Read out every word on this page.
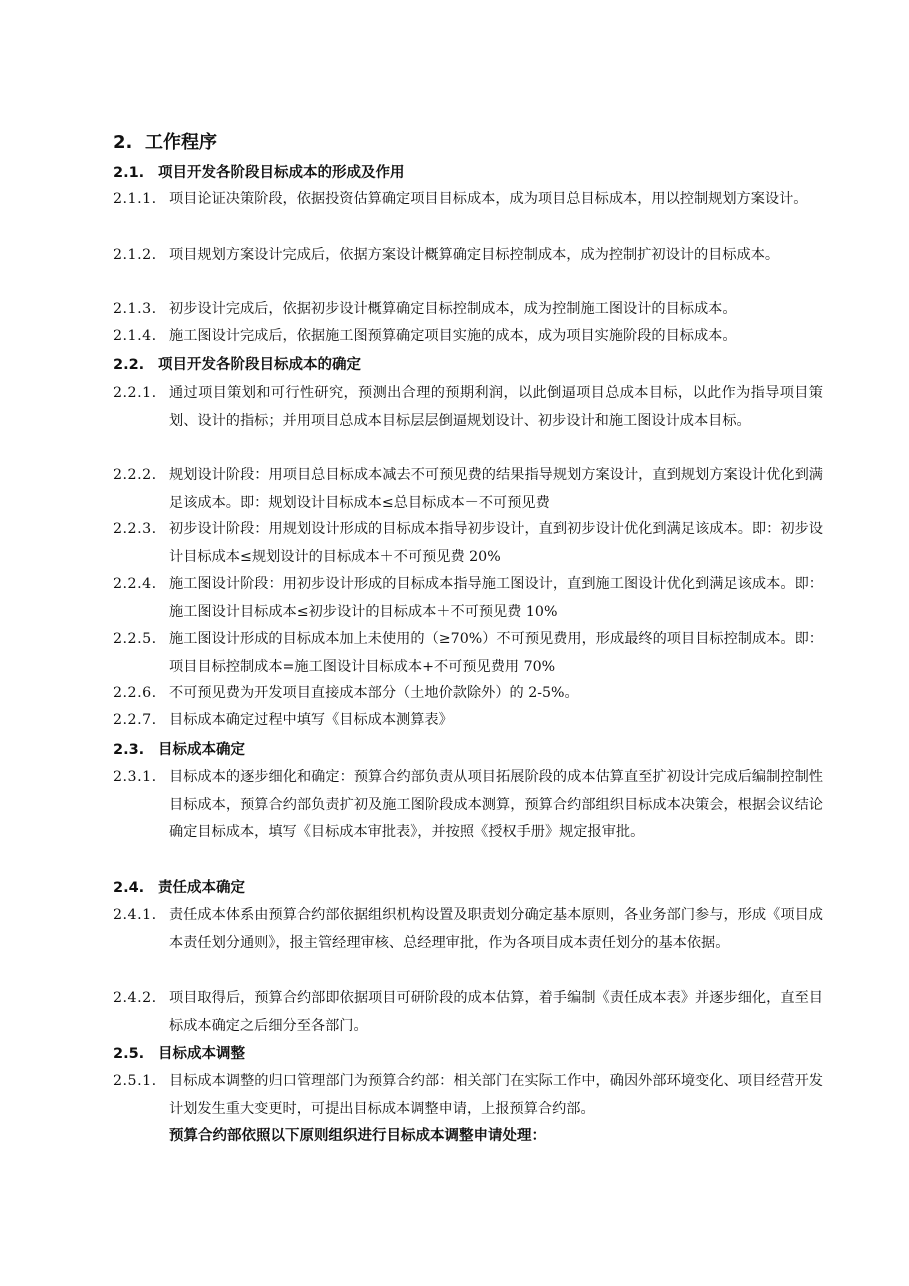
2. 工作程序
2.1. 项目开发各阶段目标成本的形成及作用
2.1.1. 项目论证决策阶段，依据投资估算确定项目目标成本，成为项目总目标成本，用以控制规划方案设计。
2.1.2. 项目规划方案设计完成后，依据方案设计概算确定目标控制成本，成为控制扩初设计的目标成本。
2.1.3. 初步设计完成后，依据初步设计概算确定目标控制成本，成为控制施工图设计的目标成本。
2.1.4. 施工图设计完成后，依据施工图预算确定项目实施的成本，成为项目实施阶段的目标成本。
2.2. 项目开发各阶段目标成本的确定
2.2.1. 通过项目策划和可行性研究，预测出合理的预期利润，以此倒逼项目总成本目标，以此作为指导项目策划、设计的指标；并用项目总成本目标层层倒逼规划设计、初步设计和施工图设计成本目标。
2.2.2. 规划设计阶段：用项目总目标成本减去不可预见费的结果指导规划方案设计，直到规划方案设计优化到满足该成本。即：规划设计目标成本≤总目标成本－不可预见费
2.2.3. 初步设计阶段：用规划设计形成的目标成本指导初步设计，直到初步设计优化到满足该成本。即：初步设计目标成本≤规划设计的目标成本＋不可预见费 20%
2.2.4. 施工图设计阶段：用初步设计形成的目标成本指导施工图设计，直到施工图设计优化到满足该成本。即：施工图设计目标成本≤初步设计的目标成本＋不可预见费 10%
2.2.5. 施工图设计形成的目标成本加上未使用的（≥70%）不可预见费用，形成最终的项目目标控制成本。即：项目目标控制成本=施工图设计目标成本+不可预见费用 70%
2.2.6. 不可预见费为开发项目直接成本部分（土地价款除外）的 2-5%。
2.2.7. 目标成本确定过程中填写《目标成本测算表》
2.3. 目标成本确定
2.3.1. 目标成本的逐步细化和确定：预算合约部负责从项目拓展阶段的成本估算直至扩初设计完成后编制控制性目标成本，预算合约部负责扩初及施工图阶段成本测算，预算合约部组织目标成本决策会，根据会议结论确定目标成本，填写《目标成本审批表》，并按照《授权手册》规定报审批。
2.4. 责任成本确定
2.4.1. 责任成本体系由预算合约部依据组织机构设置及职责划分确定基本原则，各业务部门参与，形成《项目成本责任划分通则》，报主管经理审核、总经理审批，作为各项目成本责任划分的基本依据。
2.4.2. 项目取得后，预算合约部即依据项目可研阶段的成本估算，着手编制《责任成本表》并逐步细化，直至目标成本确定之后细分至各部门。
2.5. 目标成本调整
2.5.1. 目标成本调整的归口管理部门为预算合约部：相关部门在实际工作中，确因外部环境变化、项目经营开发计划发生重大变更时，可提出目标成本调整申请，上报预算合约部。
预算合约部依照以下原则组织进行目标成本调整申请处理：
